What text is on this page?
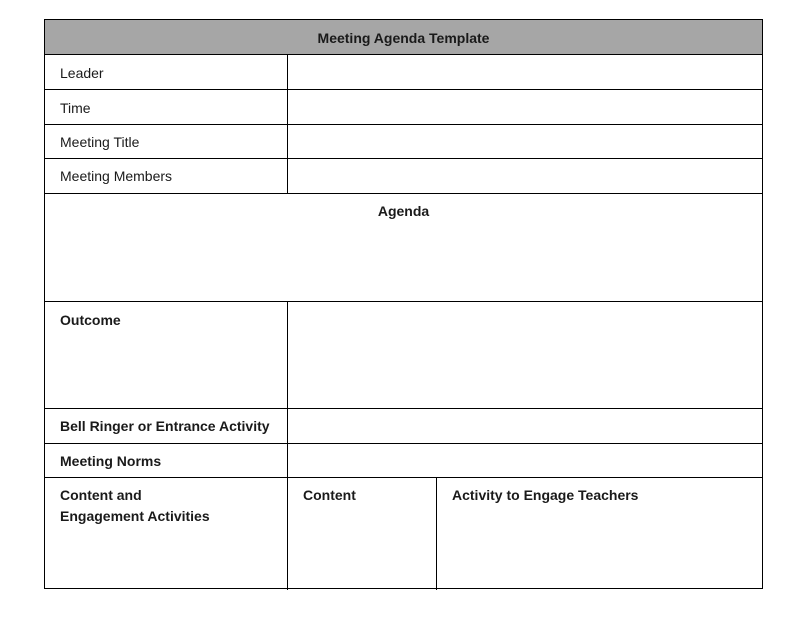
Meeting Agenda Template
Leader
Time
Meeting Title
Meeting Members
Agenda
Outcome
Bell Ringer or Entrance Activity
Meeting Norms
Content and
Engagement Activities
Content	Activity to Engage Teachers
